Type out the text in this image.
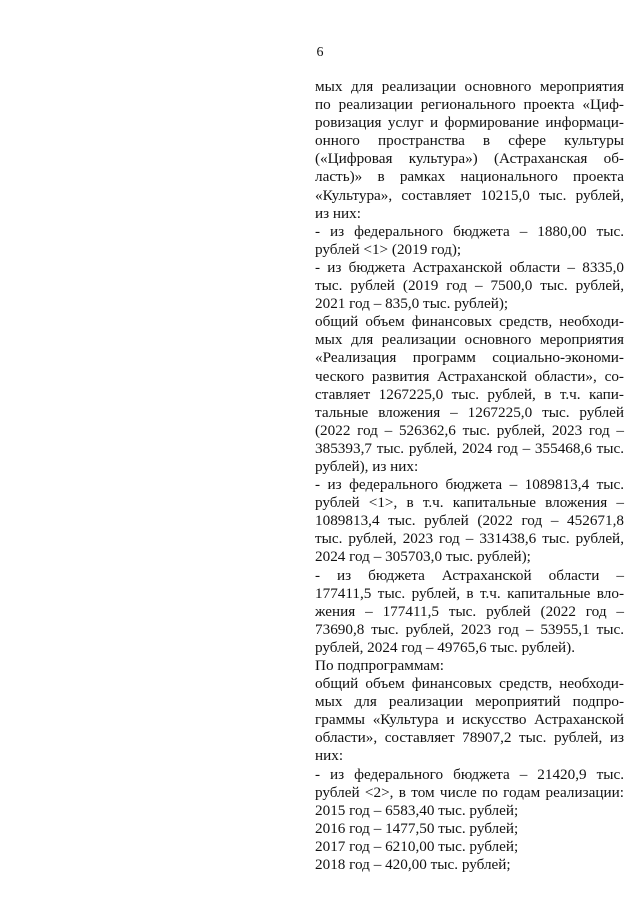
6
мых для реализации основного мероприятия
по реализации регионального проекта «Циф-
ровизация услуг и формирование информаци-
онного пространства в сфере культуры
(«Цифровая культура») (Астраханская об-
ласть)» в рамках национального проекта
«Культура», составляет 10215,0 тыс. рублей,
из них:
- из федерального бюджета – 1880,00 тыс.
рублей <1> (2019 год);
- из бюджета Астраханской области – 8335,0
тыс. рублей (2019 год – 7500,0 тыс. рублей,
2021 год – 835,0 тыс. рублей);
общий объем финансовых средств, необходи-
мых для реализации основного мероприятия
«Реализация программ социально-экономи-
ческого развития Астраханской области», со-
ставляет 1267225,0 тыс. рублей, в т.ч. капи-
тальные вложения – 1267225,0 тыс. рублей
(2022 год – 526362,6 тыс. рублей, 2023 год –
385393,7 тыс. рублей, 2024 год – 355468,6 тыс.
рублей), из них:
- из федерального бюджета – 1089813,4 тыс.
рублей <1>, в т.ч. капитальные вложения –
1089813,4 тыс. рублей (2022 год – 452671,8
тыс. рублей, 2023 год – 331438,6 тыс. рублей,
2024 год – 305703,0 тыс. рублей);
- из бюджета Астраханской области –
177411,5 тыс. рублей, в т.ч. капитальные вло-
жения – 177411,5 тыс. рублей (2022 год –
73690,8 тыс. рублей, 2023 год – 53955,1 тыс.
рублей, 2024 год – 49765,6 тыс. рублей).
По подпрограммам:
общий объем финансовых средств, необходи-
мых для реализации мероприятий подпро-
граммы «Культура и искусство Астраханской
области», составляет 78907,2 тыс. рублей, из
них:
- из федерального бюджета – 21420,9 тыс.
рублей <2>, в том числе по годам реализации:
2015 год – 6583,40 тыс. рублей;
2016 год – 1477,50 тыс. рублей;
2017 год – 6210,00 тыс. рублей;
2018 год – 420,00 тыс. рублей;
